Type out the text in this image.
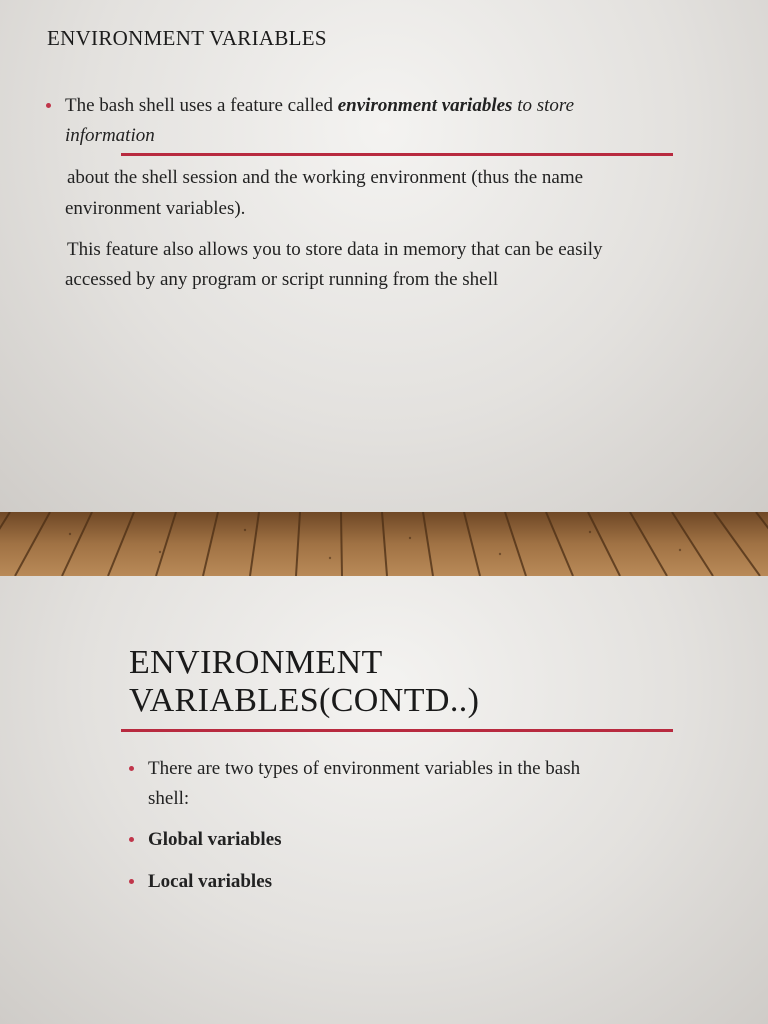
ENVIRONMENT VARIABLES
The bash shell uses a feature called environment variables to store
information
about the shell session and the working environment (thus the name
environment variables).
This feature also allows you to store data in memory that can be easily
accessed by any program or script running from the shell
ENVIRONMENT
VARIABLES(CONTD..)
There are two types of environment variables in the bash
shell:
Global variables
Local variables
